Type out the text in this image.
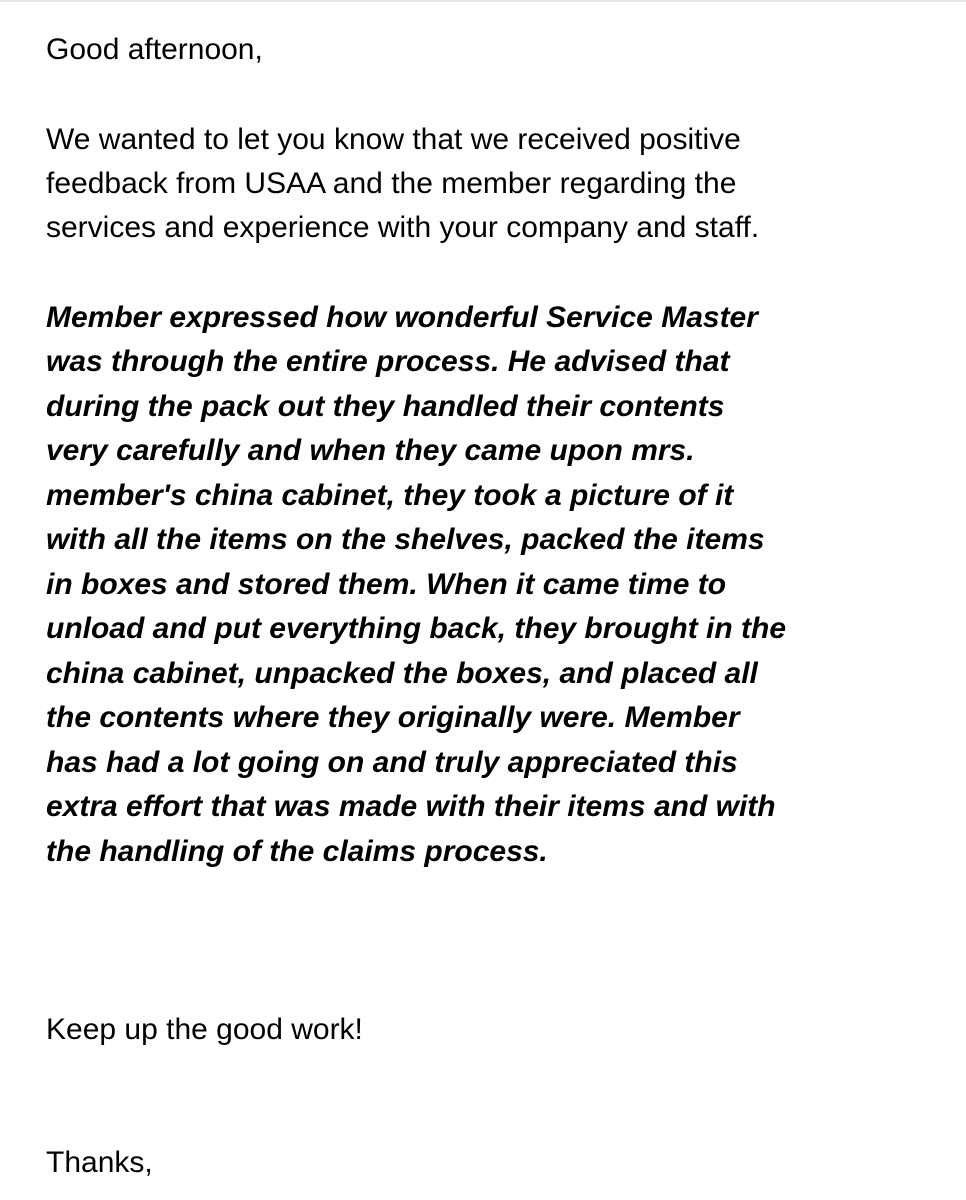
Good afternoon,
We wanted to let you know that we received positive
feedback from USAA and the member regarding the
services and experience with your company and staff.
Member expressed how wonderful Service Master
was through the entire process. He advised that
during the pack out they handled their contents
very carefully and when they came upon mrs.
member's china cabinet, they took a picture of it
with all the items on the shelves, packed the items
in boxes and stored them. When it came time to
unload and put everything back, they brought in the
china cabinet, unpacked the boxes, and placed all
the contents where they originally were. Member
has had a lot going on and truly appreciated this
extra effort that was made with their items and with
the handling of the claims process.
Keep up the good work!
Thanks,
